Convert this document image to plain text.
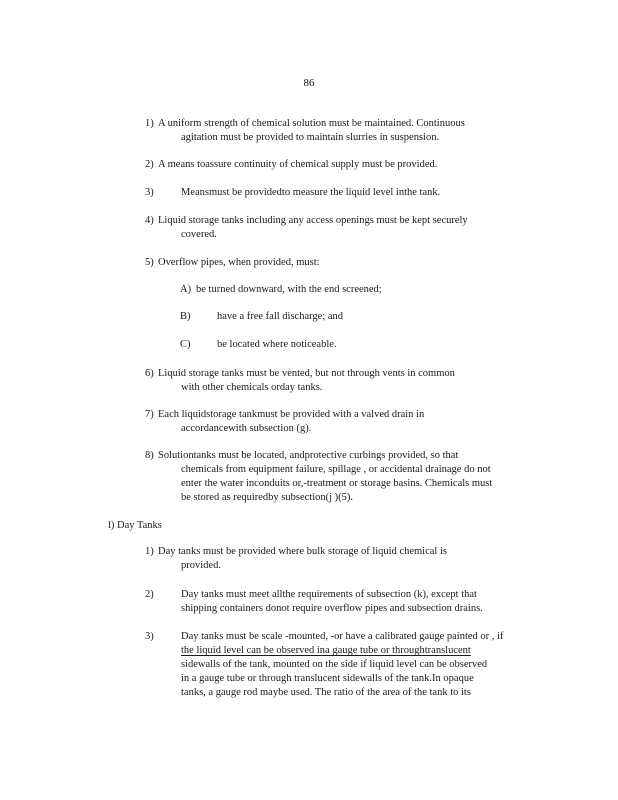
86
1) A uniform strength of chemical solution must be maintained. Continuous
agitation must be provided to maintain slurries in suspension.
2) A means toassure continuity of chemical supply must be provided.
3)	Meansmust be providedto measure the liquid level inthe tank.
4) Liquid storage tanks including any access openings must be kept securely
covered.
5) Overflow pipes, when provided, must:
A) be turned downward, with the end screened;
B)	have a free fall discharge; and
C)	be located where noticeable.
6) Liquid storage tanks must be vented, but not through vents in common
with other chemicals orday tanks.
7) Each liquidstorage tankmust be provided with a valved drain in
accordancewith subsection (g).
8) Solutiontanks must be located, andprotective curbings provided, so that
chemicals from equipment failure, spillage , or accidental drainage do not
enter the water inconduits or,-treatment or storage basins. Chemicals must
be stored as requiredby subsection(j )(5).
l) Day Tanks
1) Day tanks must be provided where bulk storage of liquid chemical is
provided.
2)	Day tanks must meet allthe requirements of subsection (k), except that
shipping containers donot require overflow pipes and subsection drains.
3)	Day tanks must be scale -mounted, -or have a calibrated gauge painted or , if
the liquid level can be observed ina gauge tube or throughtranslucent
sidewalls of the tank, mounted on the side if liquid level can be observed
in a gauge tube or through translucent sidewalls of the tank.In opaque
tanks, a gauge rod maybe used. The ratio of the area of the tank to its
